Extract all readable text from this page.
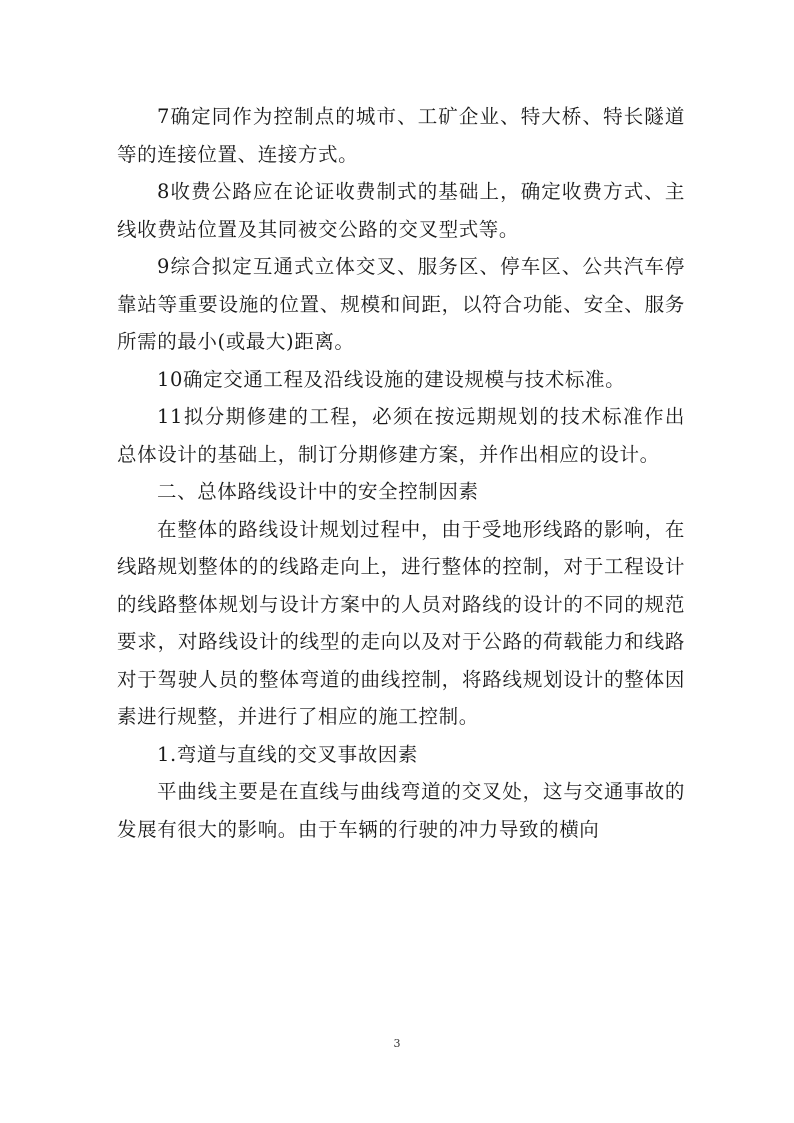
7确定同作为控制点的城市、工矿企业、特大桥、特长隧道等的连接位置、连接方式。

8收费公路应在论证收费制式的基础上，确定收费方式、主线收费站位置及其同被交公路的交叉型式等。

9综合拟定互通式立体交叉、服务区、停车区、公共汽车停靠站等重要设施的位置、规模和间距，以符合功能、安全、服务所需的最小(或最大)距离。

10确定交通工程及沿线设施的建设规模与技术标准。

11拟分期修建的工程，必须在按远期规划的技术标准作出总体设计的基础上，制订分期修建方案，并作出相应的设计。

二、总体路线设计中的安全控制因素

在整体的路线设计规划过程中，由于受地形线路的影响，在线路规划整体的的线路走向上，进行整体的控制，对于工程设计的线路整体规划与设计方案中的人员对路线的设计的不同的规范要求，对路线设计的线型的走向以及对于公路的荷载能力和线路对于驾驶人员的整体弯道的曲线控制，将路线规划设计的整体因素进行规整，并进行了相应的施工控制。

1.弯道与直线的交叉事故因素

平曲线主要是在直线与曲线弯道的交叉处，这与交通事故的发展有很大的影响。由于车辆的行驶的冲力导致的横向

3
